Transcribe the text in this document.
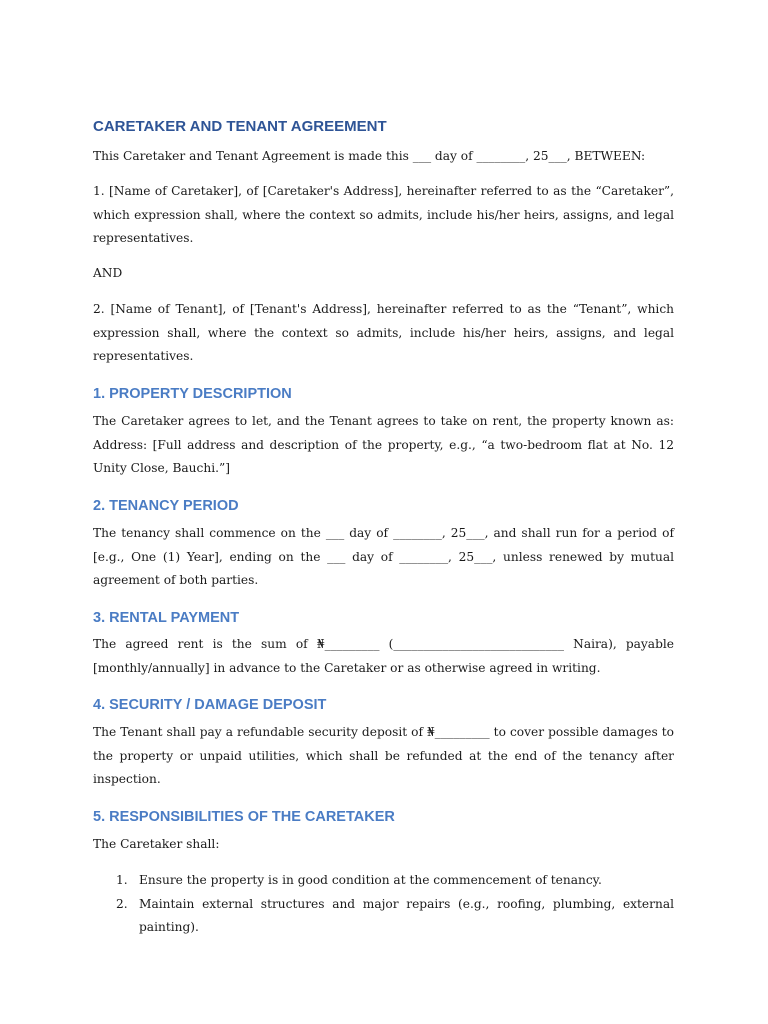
CARETAKER AND TENANT AGREEMENT

This Caretaker and Tenant Agreement is made this ___ day of ________, 25___, BETWEEN:

1. [Name of Caretaker], of [Caretaker's Address], hereinafter referred to as the “Caretaker”, which expression shall, where the context so admits, include his/her heirs, assigns, and legal representatives.

AND

2. [Name of Tenant], of [Tenant's Address], hereinafter referred to as the “Tenant”, which expression shall, where the context so admits, include his/her heirs, assigns, and legal representatives.

1. PROPERTY DESCRIPTION

The Caretaker agrees to let, and the Tenant agrees to take on rent, the property known as: Address: [Full address and description of the property, e.g., “a two-bedroom flat at No. 12 Unity Close, Bauchi.”]

2. TENANCY PERIOD

The tenancy shall commence on the ___ day of ________, 25___, and shall run for a period of [e.g., One (1) Year], ending on the ___ day of ________, 25___, unless renewed by mutual agreement of both parties.

3. RENTAL PAYMENT

The agreed rent is the sum of ₦_________ (____________________________ Naira), payable [monthly/annually] in advance to the Caretaker or as otherwise agreed in writing.

4. SECURITY / DAMAGE DEPOSIT

The Tenant shall pay a refundable security deposit of ₦_________ to cover possible damages to the property or unpaid utilities, which shall be refunded at the end of the tenancy after inspection.

5. RESPONSIBILITIES OF THE CARETAKER

The Caretaker shall:

1. Ensure the property is in good condition at the commencement of tenancy.
2. Maintain external structures and major repairs (e.g., roofing, plumbing, external painting).
